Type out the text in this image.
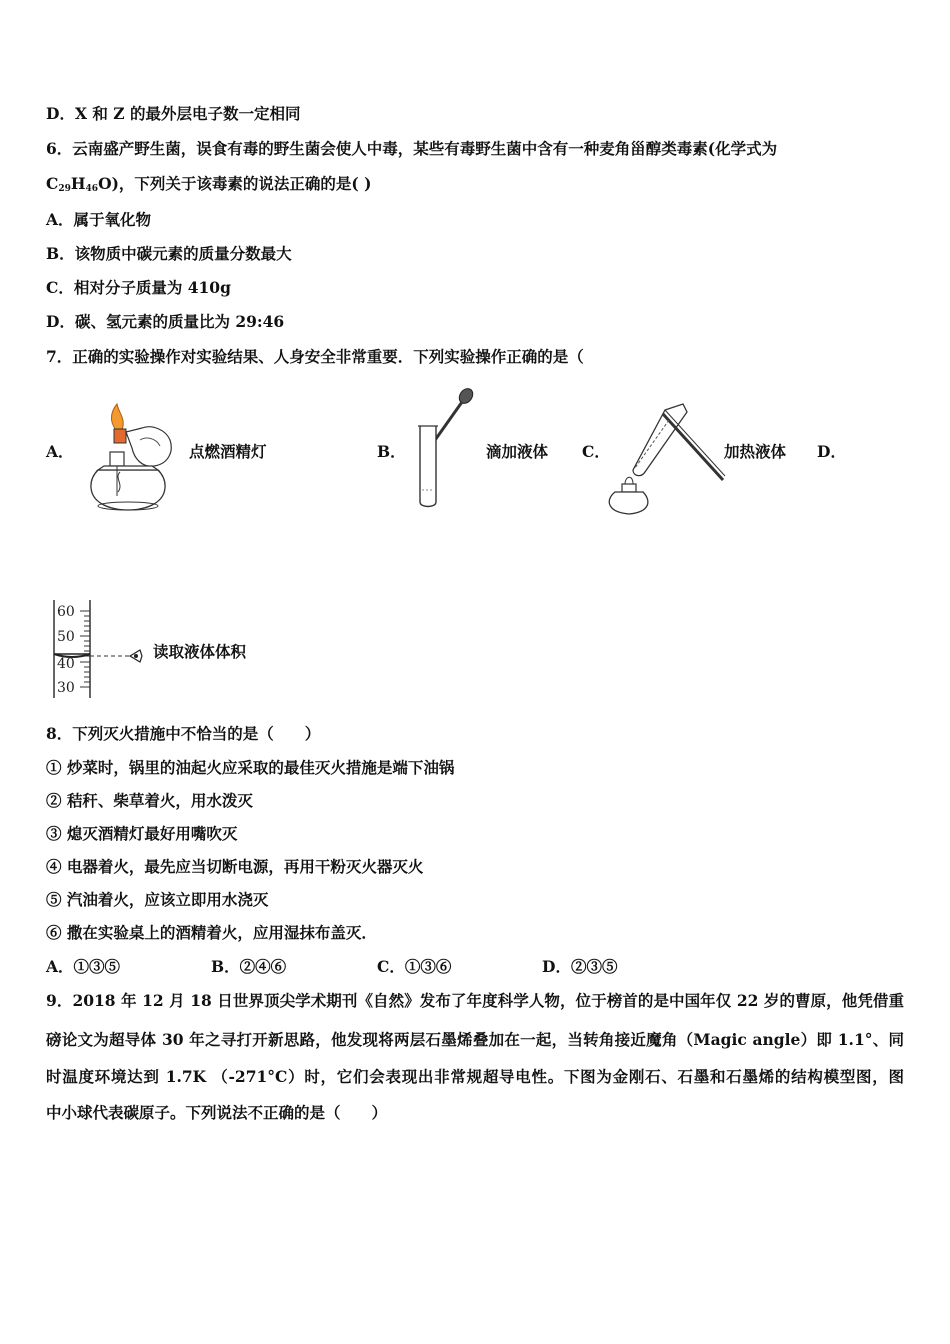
D．X 和 Z 的最外层电子数一定相同
6．云南盛产野生菌，误食有毒的野生菌会使人中毒，某些有毒野生菌中含有一种麦角甾醇类毒素(化学式为
$C_{29}H_{46}O$)，下列关于该毒素的说法正确的是( )
A．属于氧化物
B．该物质中碳元素的质量分数最大
C．相对分子质量为 410g
D．碳、氢元素的质量比为 29:46
7．正确的实验操作对实验结果、人身安全非常重要．下列实验操作正确的是（
A．	点燃酒精灯	B．	滴加液体 C．	加热液体 D．
60
50
40
30
读取液体体积
8．下列灭火措施中不恰当的是（　　）
① 炒菜时，锅里的油起火应采取的最佳灭火措施是端下油锅
② 秸秆、柴草着火，用水泼灭
③ 熄灭酒精灯最好用嘴吹灭
④ 电器着火，最先应当切断电源，再用干粉灭火器灭火
⑤ 汽油着火，应该立即用水浇灭
⑥ 撒在实验桌上的酒精着火，应用湿抹布盖灭．
A．①③⑤	B．②④⑥	C．①③⑥	D．②③⑤
9．2018 年 12 月 18 日世界顶尖学术期刊《自然》发布了年度科学人物，位于榜首的是中国年仅 22 岁的曹原，他凭借重
磅论文为超导体 30 年之寻打开新思路，他发现将两层石墨烯叠加在一起，当转角接近魔角（Magic angle）即 1.1°、同
时温度环境达到 1.7K （-271°C）时，它们会表现出非常规超导电性。下图为金刚石、石墨和石墨烯的结构模型图，图
中小球代表碳原子。下列说法不正确的是（　　）
